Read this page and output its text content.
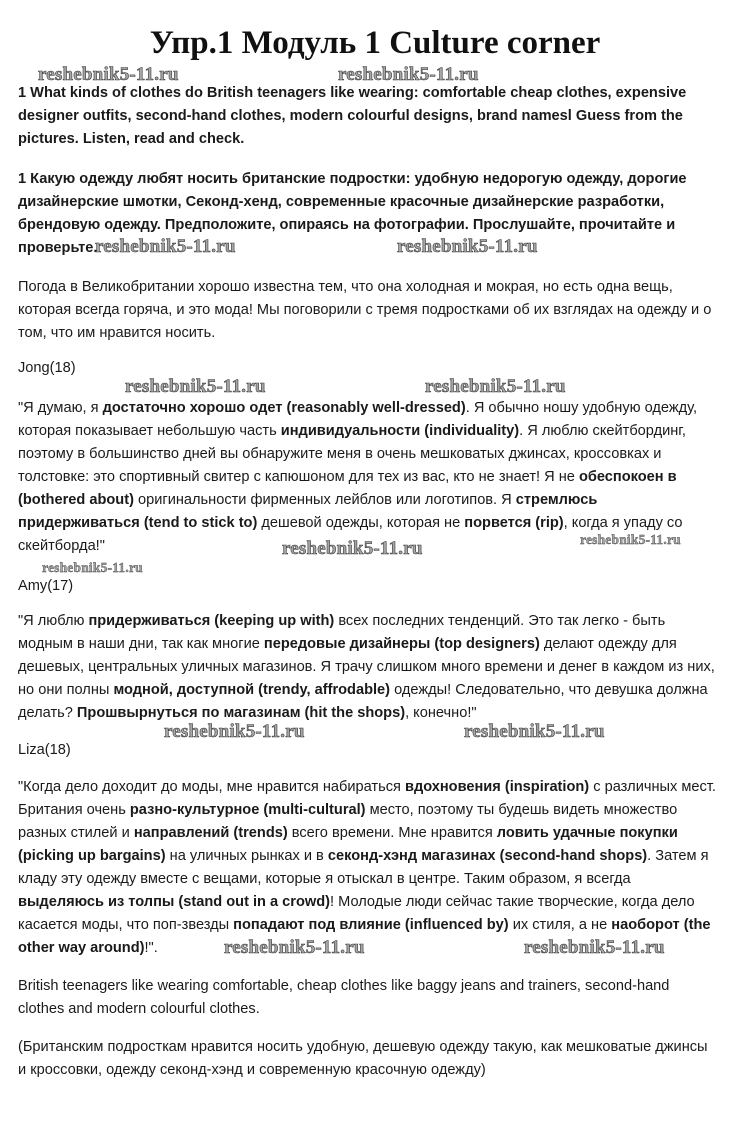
Упр.1 Модуль 1 Culture corner

1 What kinds of clothes do British teenagers like wearing: comfortable cheap clothes, expensive designer outfits, second-hand clothes, modern colourful designs, brand namesl Guess from the pictures. Listen, read and check.

1 Какую одежду любят носить британские подростки: удобную недорогую одежду, дорогие дизайнерские шмотки, Сeкoнд-xeнд, современные красочные дизайнерские разработки, брендовую одежду. Предположите, опираясь на фотографии. Прослушайте, прочитайте и проверьте.

Погода в Великобритании хорошо известна тем, что она холодная и мокрая, но есть одна вещь, которая всегда горяча, и это мода! Мы поговорили с тремя подростками об их взглядах на одежду и о том, что им нравится носить.

Jong(18)

"Я думаю, я достаточно хорошо одет (reasonably well-dressed). Я обычно ношу удобную одежду, которая показывает небольшую часть индивидуальности (individuality). Я люблю скейтбординг, поэтому в большинство дней вы обнаружите меня в очень мешковатых джинсах, кроссовках и толстовке: это спортивный свитер с капюшоном для тех из вас, кто не знает! Я не обеспокоен в (bothered about) оригинальности фирменных лейблов или логотипов. Я стремлюсь придерживаться (tend to stick to) дешевой одежды, которая не порвется (rip), когда я упаду со скейтборда!"

Amy(17)

"Я люблю придерживаться (keeping up with) всех последних тенденций. Это так легко - быть модным в наши дни, так как многие передовые дизайнеры (top designers) делают одежду для дешевых, центральных уличных магазинов. Я трачу слишком много времени и денег в каждом из них, но они полны модной, доступной (trendy, affrodable) одежды! Следовательно, что девушка должна делать? Прошвырнуться по магазинам (hit the shops), конечно!"

Liza(18)

"Когда дело доходит до моды, мне нравится набираться вдохновения (inspiration) с различных мест. Британия очень разно-культурное (multi-cultural) место, поэтому ты будешь видеть множество разных стилей и направлений (trends) всего времени. Мне нравится ловить удачные покупки (picking up bargains) на уличных рынках и в секонд-хэнд магазинах (second-hand shops). Затем я кладу эту одежду вместе с вещами, которые я отыскал в центре. Таким образом, я всегда выделяюсь из толпы (stand out in a crowd)! Молодые люди сейчас такие творческие, когда дело касается моды, что поп-звезды попадают под влияние (influenced by) их стиля, а не наоборот (the other way around)!".

British teenagers like wearing comfortable, cheap clothes like baggy jeans and trainers, second-hand clothes and modern colourful clothes.

(Бритaнcким пoдpocткaм нpaвитcя носить удобную, дешевую одежду такую, как мешковатые джинсы и кроссовки, одежду секонд-хэнд и современную красочную одежду)

reshebnik5-11.ru	reshebnik5-11.ru
reshebnik5-11.ru	reshebnik5-11.ru
reshebnik5-11.ru	reshebnik5-11.ru
reshebnik5-11.ru	reshebnik5-11.ru
reshebnik5-11.ru
reshebnik5-11.ru	reshebnik5-11.ru
reshebnik5-11.ru	reshebnik5-11.ru
